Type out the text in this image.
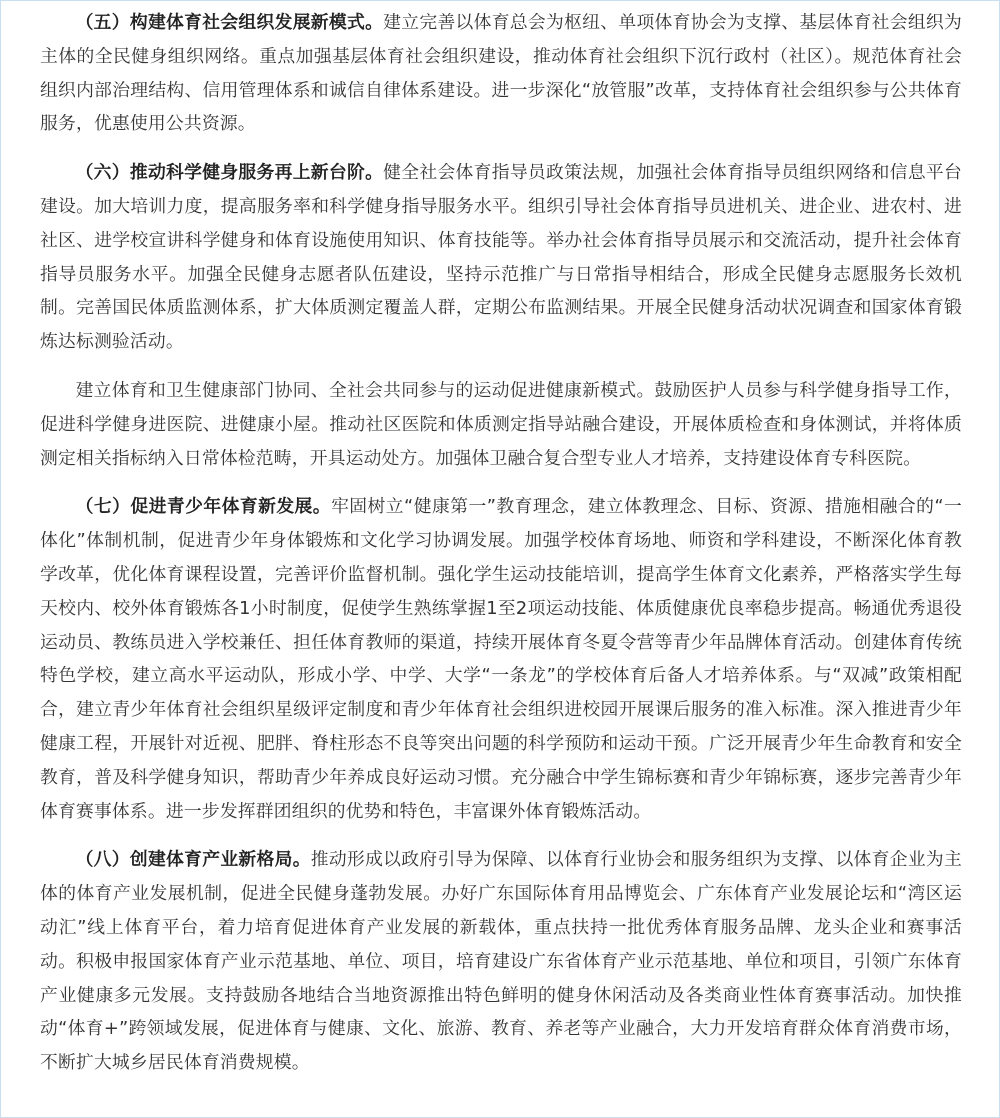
（五）构建体育社会组织发展新模式。建立完善以体育总会为枢纽、单项体育协会为支撑、基层体育社会组织为主体的全民健身组织网络。重点加强基层体育社会组织建设，推动体育社会组织下沉行政村（社区）。规范体育社会组织内部治理结构、信用管理体系和诚信自律体系建设。进一步深化“放管服”改革，支持体育社会组织参与公共体育服务，优惠使用公共资源。

（六）推动科学健身服务再上新台阶。健全社会体育指导员政策法规，加强社会体育指导员组织网络和信息平台建设。加大培训力度，提高服务率和科学健身指导服务水平。组织引导社会体育指导员进机关、进企业、进农村、进社区、进学校宣讲科学健身和体育设施使用知识、体育技能等。举办社会体育指导员展示和交流活动，提升社会体育指导员服务水平。加强全民健身志愿者队伍建设，坚持示范推广与日常指导相结合，形成全民健身志愿服务长效机制。完善国民体质监测体系，扩大体质测定覆盖人群，定期公布监测结果。开展全民健身活动状况调查和国家体育锻炼达标测验活动。

建立体育和卫生健康部门协同、全社会共同参与的运动促进健康新模式。鼓励医护人员参与科学健身指导工作，促进科学健身进医院、进健康小屋。推动社区医院和体质测定指导站融合建设，开展体质检查和身体测试，并将体质测定相关指标纳入日常体检范畴，开具运动处方。加强体卫融合复合型专业人才培养，支持建设体育专科医院。

（七）促进青少年体育新发展。牢固树立“健康第一”教育理念，建立体教理念、目标、资源、措施相融合的“一体化”体制机制，促进青少年身体锻炼和文化学习协调发展。加强学校体育场地、师资和学科建设，不断深化体育教学改革，优化体育课程设置，完善评价监督机制。强化学生运动技能培训，提高学生体育文化素养，严格落实学生每天校内、校外体育锻炼各1小时制度，促使学生熟练掌握1至2项运动技能、体质健康优良率稳步提高。畅通优秀退役运动员、教练员进入学校兼任、担任体育教师的渠道，持续开展体育冬夏令营等青少年品牌体育活动。创建体育传统特色学校，建立高水平运动队，形成小学、中学、大学“一条龙”的学校体育后备人才培养体系。与“双减”政策相配合，建立青少年体育社会组织星级评定制度和青少年体育社会组织进校园开展课后服务的准入标准。深入推进青少年健康工程，开展针对近视、肥胖、脊柱形态不良等突出问题的科学预防和运动干预。广泛开展青少年生命教育和安全教育，普及科学健身知识，帮助青少年养成良好运动习惯。充分融合中学生锦标赛和青少年锦标赛，逐步完善青少年体育赛事体系。进一步发挥群团组织的优势和特色，丰富课外体育锻炼活动。

（八）创建体育产业新格局。推动形成以政府引导为保障、以体育行业协会和服务组织为支撑、以体育企业为主体的体育产业发展机制，促进全民健身蓬勃发展。办好广东国际体育用品博览会、广东体育产业发展论坛和“湾区运动汇”线上体育平台，着力培育促进体育产业发展的新载体，重点扶持一批优秀体育服务品牌、龙头企业和赛事活动。积极申报国家体育产业示范基地、单位、项目，培育建设广东省体育产业示范基地、单位和项目，引领广东体育产业健康多元发展。支持鼓励各地结合当地资源推出特色鲜明的健身休闲活动及各类商业性体育赛事活动。加快推动“体育+”跨领域发展，促进体育与健康、文化、旅游、教育、养老等产业融合，大力开发培育群众体育消费市场，不断扩大城乡居民体育消费规模。
